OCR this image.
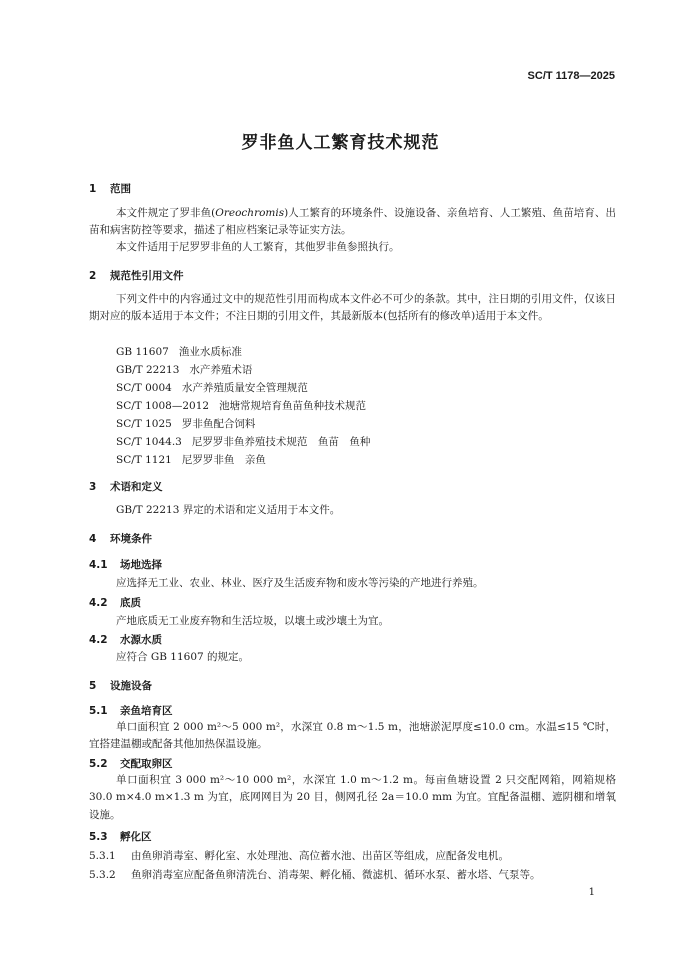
SC/T 1178—2025
罗非鱼人工繁育技术规范
1 范围
本文件规定了罗非鱼(Oreochromis)人工繁育的环境条件、设施设备、亲鱼培育、人工繁殖、鱼苗培育、出苗和病害防控等要求，描述了相应档案记录等证实方法。
本文件适用于尼罗罗非鱼的人工繁育，其他罗非鱼参照执行。
2 规范性引用文件
下列文件中的内容通过文中的规范性引用而构成本文件必不可少的条款。其中，注日期的引用文件，仅该日期对应的版本适用于本文件；不注日期的引用文件，其最新版本(包括所有的修改单)适用于本文件。
GB 11607 渔业水质标准
GB/T 22213 水产养殖术语
SC/T 0004 水产养殖质量安全管理规范
SC/T 1008—2012 池塘常规培育鱼苗鱼种技术规范
SC/T 1025 罗非鱼配合饲料
SC/T 1044.3 尼罗罗非鱼养殖技术规范　鱼苗　鱼种
SC/T 1121 尼罗罗非鱼　亲鱼
3 术语和定义
GB/T 22213 界定的术语和定义适用于本文件。
4 环境条件
4.1 场地选择
应选择无工业、农业、林业、医疗及生活废弃物和废水等污染的产地进行养殖。
4.2 底质
产地底质无工业废弃物和生活垃圾，以壤土或沙壤土为宜。
4.2 水源水质
应符合 GB 11607 的规定。
5 设施设备
5.1 亲鱼培育区
单口面积宜 2 000 m²～5 000 m²，水深宜 0.8 m～1.5 m，池塘淤泥厚度≤10.0 cm。水温≤15 ℃时，宜搭建温棚或配备其他加热保温设施。
5.2 交配取卵区
单口面积宜 3 000 m²～10 000 m²，水深宜 1.0 m～1.2 m。每亩鱼塘设置 2 只交配网箱，网箱规格 30.0 m×4.0 m×1.3 m 为宜，底网网目为 20 目，侧网孔径 2a＝10.0 mm 为宜。宜配备温棚、遮阴棚和增氧设施。
5.3 孵化区
5.3.1 由鱼卵消毒室、孵化室、水处理池、高位蓄水池、出苗区等组成，应配备发电机。
5.3.2 鱼卵消毒室应配备鱼卵清洗台、消毒架、孵化桶、微滤机、循环水泵、蓄水塔、气泵等。
1
